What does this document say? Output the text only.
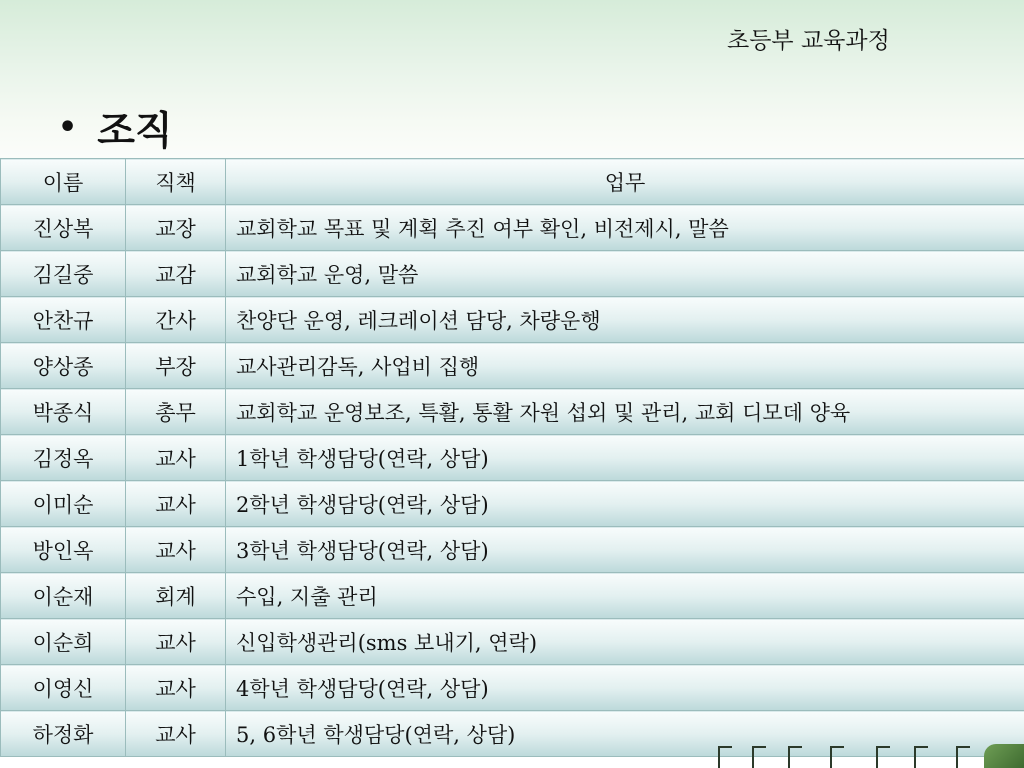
초등부 교육과정
• 조직
이름	직책	업무
진상복	교장	교회학교 목표 및 계획 추진 여부 확인, 비전제시, 말씀
김길중	교감	교회학교 운영, 말씀
안찬규	간사	찬양단 운영, 레크레이션 담당, 차량운행
양상종	부장	교사관리감독, 사업비 집행
박종식	총무	교회학교 운영보조, 특활, 통활 자원 섭외 및 관리, 교회 디모데 양육
김정옥	교사	1학년 학생담당(연락, 상담)
이미순	교사	2학년 학생담당(연락, 상담)
방인옥	교사	3학년 학생담당(연락, 상담)
이순재	회계	수입, 지출 관리
이순희	교사	신입학생관리(sms 보내기, 연락)
이영신	교사	4학년 학생담당(연락, 상담)
하정화	교사	5, 6학년 학생담당(연락, 상담)
